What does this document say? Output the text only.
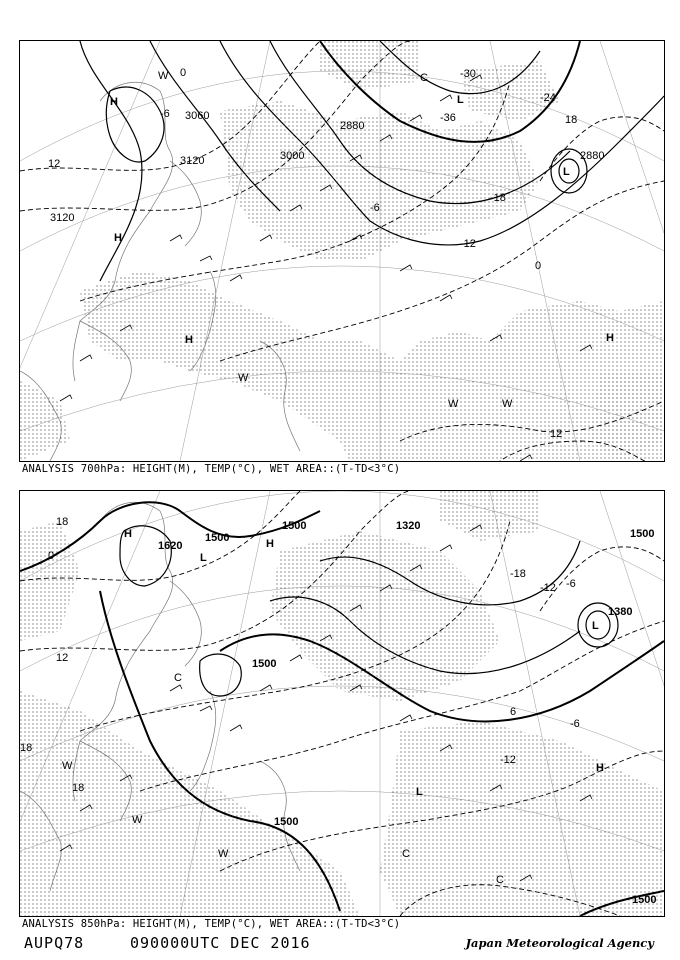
3120
3120
3060
3000
2880
2880
0
-6
-12
-18
-24
-30
-36
12
12
18
-6
0
H
H
H	H
L
L
W
W
W	W
C
ANALYSIS 700hPa: HEIGHT(M), TEMP(°C), WET AREA::(T-TD<3°C)
1620
1500
1500
1500
1500
1500
1500
1380
1320
0
-6
-12
-18
12
18
18
18
-6
-12
6
H
H
H
L
L
L
W
W
W
C
C
C
ANALYSIS 850hPa: HEIGHT(M), TEMP(°C), WET AREA::(T-TD<3°C)
AUPQ78	090000UTC DEC 2016	Japan Meteorological Agency
